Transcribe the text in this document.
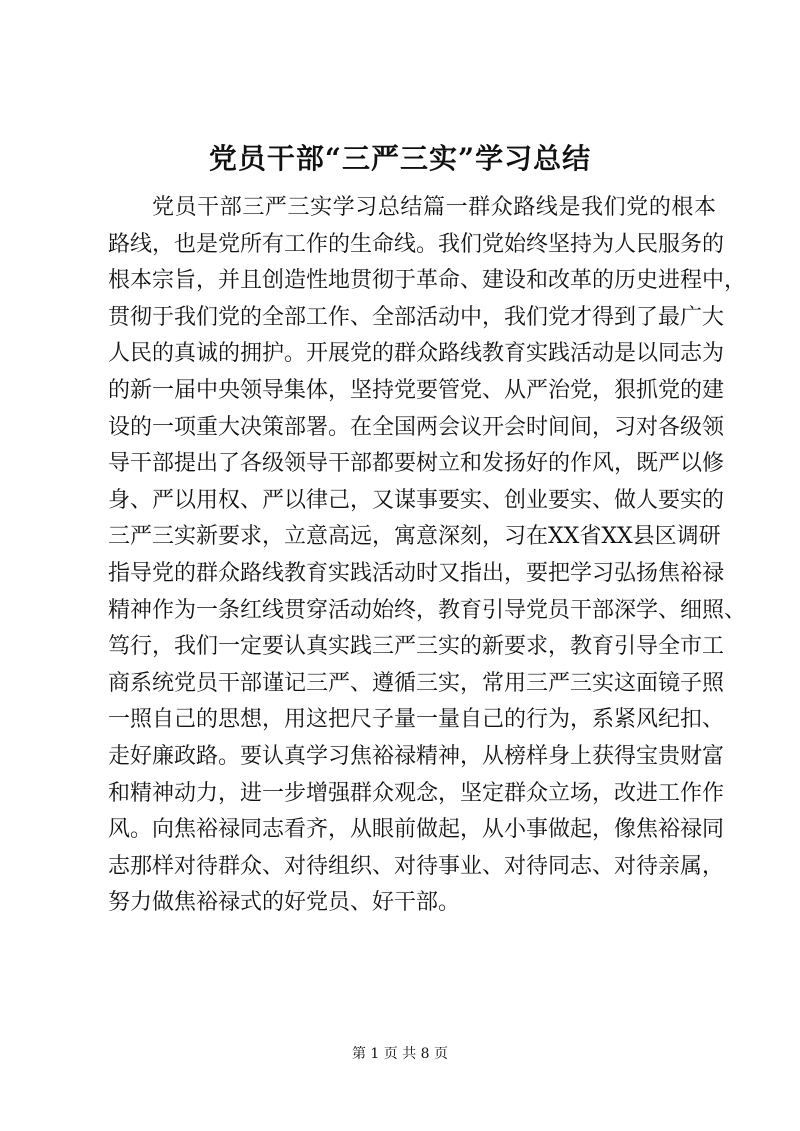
党员干部“三严三实”学习总结
党员干部三严三实学习总结篇一群众路线是我们党的根本
路线，也是党所有工作的生命线。我们党始终坚持为人民服务的
根本宗旨，并且创造性地贯彻于革命、建设和改革的历史进程中，
贯彻于我们党的全部工作、全部活动中，我们党才得到了最广大
人民的真诚的拥护。开展党的群众路线教育实践活动是以同志为
的新一届中央领导集体，坚持党要管党、从严治党，狠抓党的建
设的一项重大决策部署。在全国两会议开会时间间，习对各级领
导干部提出了各级领导干部都要树立和发扬好的作风，既严以修
身、严以用权、严以律己，又谋事要实、创业要实、做人要实的
三严三实新要求，立意高远，寓意深刻，习在XX省XX县区调研
指导党的群众路线教育实践活动时又指出，要把学习弘扬焦裕禄
精神作为一条红线贯穿活动始终，教育引导党员干部深学、细照、
笃行，我们一定要认真实践三严三实的新要求，教育引导全市工
商系统党员干部谨记三严、遵循三实，常用三严三实这面镜子照
一照自己的思想，用这把尺子量一量自己的行为，系紧风纪扣、
走好廉政路。要认真学习焦裕禄精神，从榜样身上获得宝贵财富
和精神动力，进一步增强群众观念，坚定群众立场，改进工作作
风。向焦裕禄同志看齐，从眼前做起，从小事做起，像焦裕禄同
志那样对待群众、对待组织、对待事业、对待同志、对待亲属，
努力做焦裕禄式的好党员、好干部。
第 1 页 共 8 页
